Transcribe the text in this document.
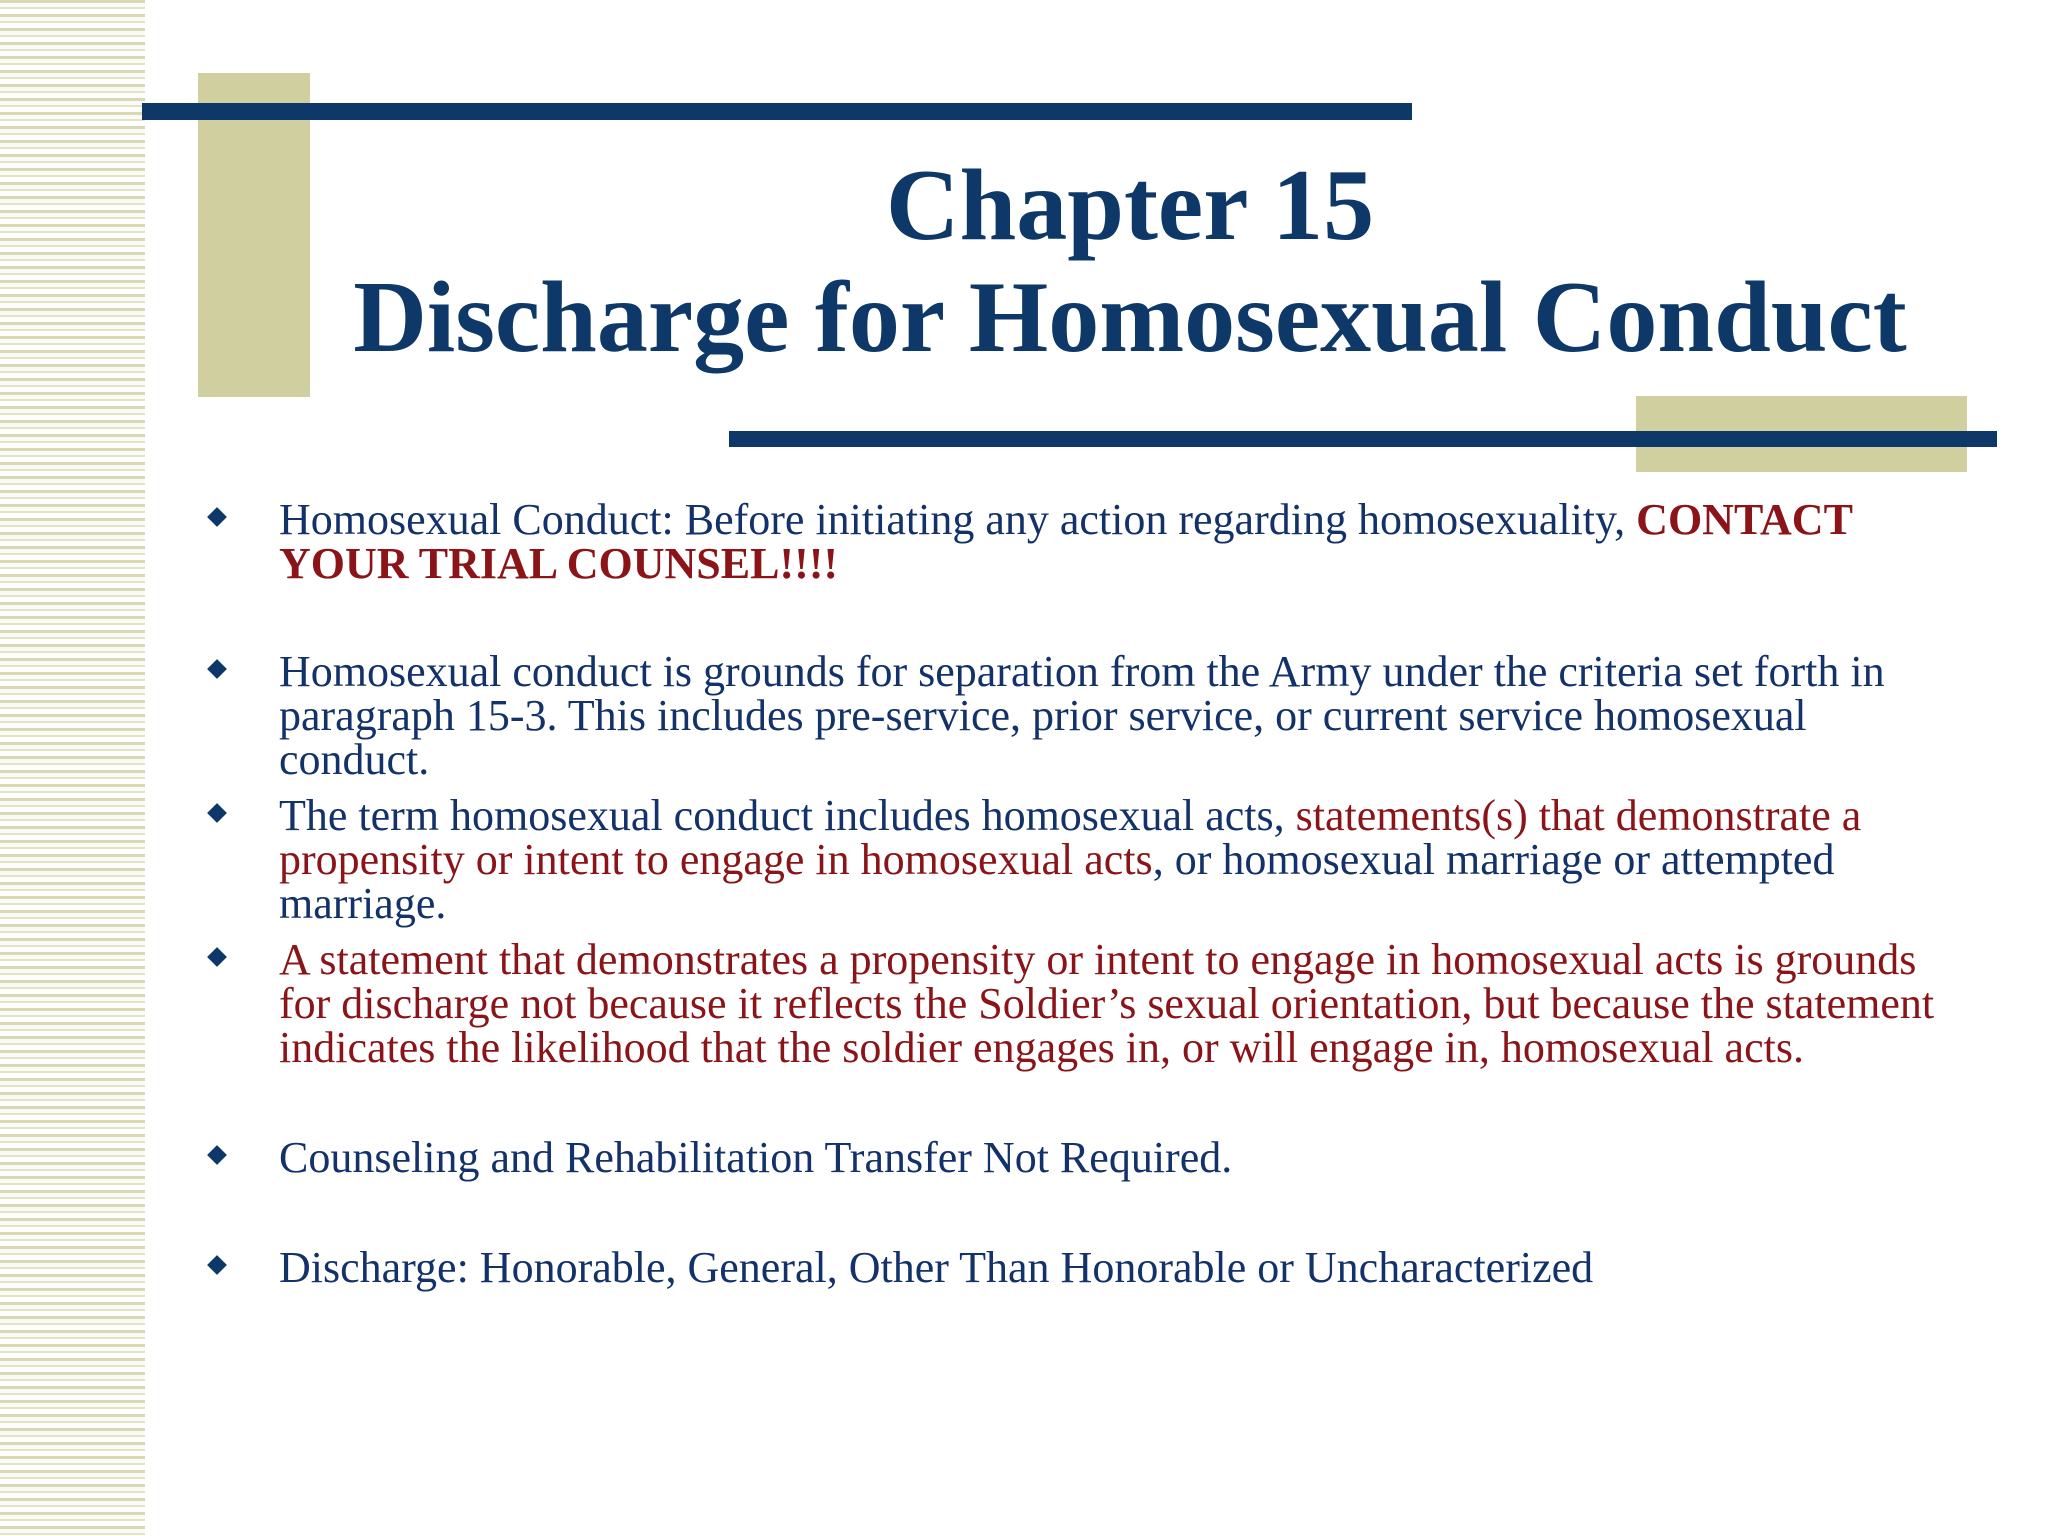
Chapter 15
Discharge for Homosexual Conduct
Homosexual Conduct: Before initiating any action regarding homosexuality, CONTACT YOUR TRIAL COUNSEL!!!!
Homosexual conduct is grounds for separation from the Army under the criteria set forth in paragraph 15-3. This includes pre-service, prior service, or current service homosexual conduct.
The term homosexual conduct includes homosexual acts, statements(s) that demonstrate a propensity or intent to engage in homosexual acts, or homosexual marriage or attempted marriage.
A statement that demonstrates a propensity or intent to engage in homosexual acts is grounds for discharge not because it reflects the Soldier’s sexual orientation, but because the statement indicates the likelihood that the soldier engages in, or will engage in, homosexual acts.
Counseling and Rehabilitation Transfer Not Required.
Discharge: Honorable, General, Other Than Honorable or Uncharacterized
